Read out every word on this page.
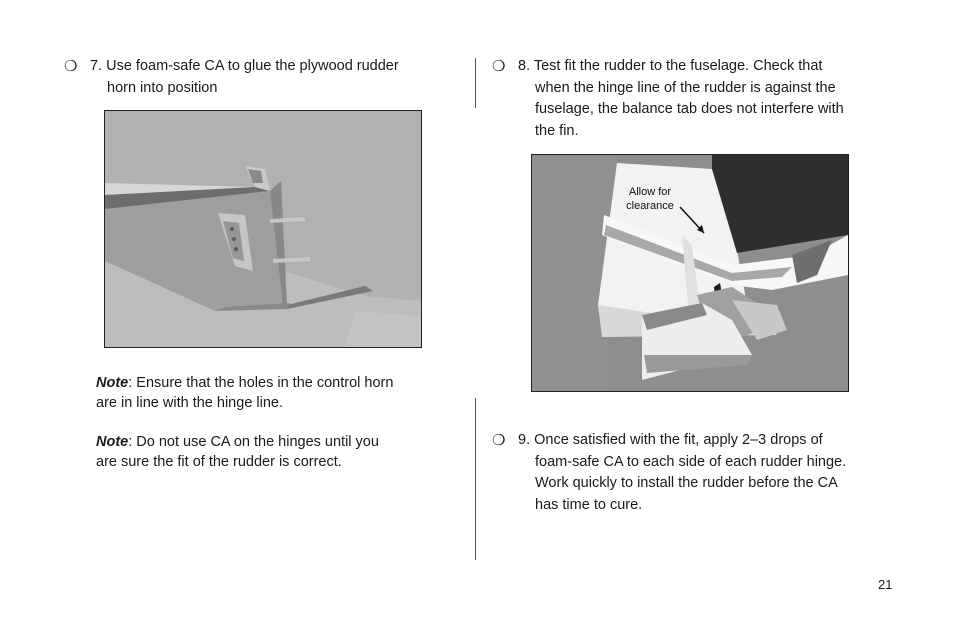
❍ 7. Use foam-safe CA to glue the plywood rudder
horn into position
Note: Ensure that the holes in the control horn
are in line with the hinge line.
Note: Do not use CA on the hinges until you
are sure the fit of the rudder is correct.
❍ 8. Test fit the rudder to the fuselage. Check that
when the hinge line of the rudder is against the
fuselage, the balance tab does not interfere with
the fin.
Allow for
clearance
❍ 9. Once satisfied with the fit, apply 2–3 drops of
foam-safe CA to each side of each rudder hinge.
Work quickly to install the rudder before the CA
has time to cure.
21
